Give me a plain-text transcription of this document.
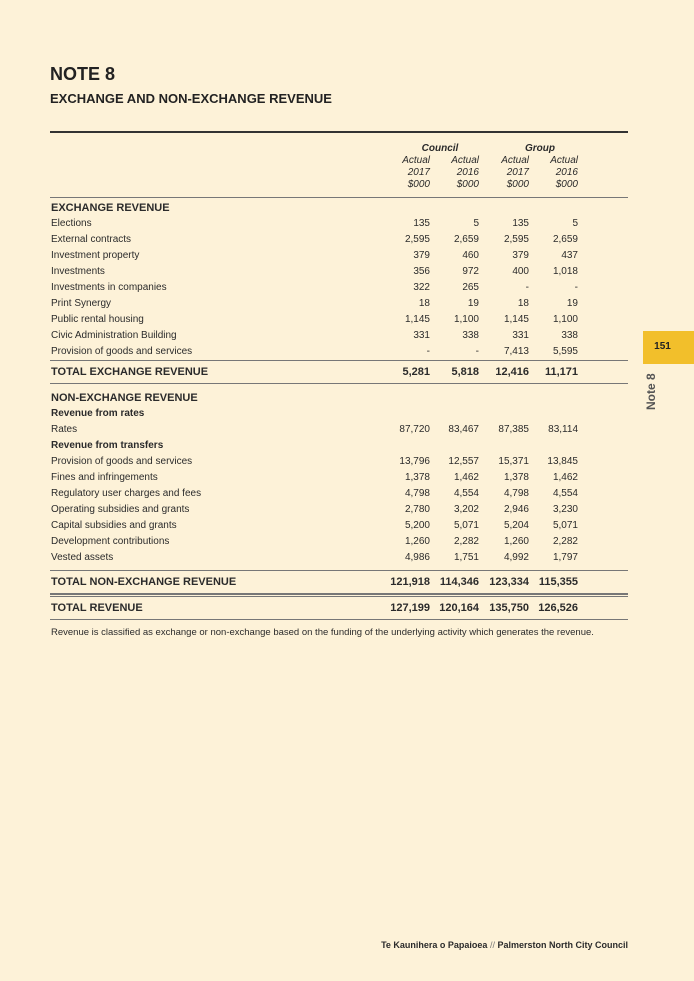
NOTE 8
EXCHANGE AND NON-EXCHANGE REVENUE
Council	Group
Actual
2017
$000
Actual
2016
$000
Actual
2017
$000
Actual
2016
$000
EXCHANGE REVENUE
Elections	135	5	135	5
External contracts	2,595	2,659	2,595	2,659
Investment property	379	460	379	437
Investments	356	972	400	1,018
Investments in companies	322	265	-	-
Print Synergy	18	19	18	19
Public rental housing	1,145	1,100	1,145	1,100
Civic Administration Building	331	338	331	338
Provision of goods and services	-	-	7,413	5,595
TOTAL EXCHANGE REVENUE	5,281	5,818	12,416	11,171
NON-EXCHANGE REVENUE
Revenue from rates
Rates	87,720	83,467	87,385	83,114
Revenue from transfers
Provision of goods and services	13,796	12,557	15,371	13,845
Fines and infringements	1,378	1,462	1,378	1,462
Regulatory user charges and fees	4,798	4,554	4,798	4,554
Operating subsidies and grants	2,780	3,202	2,946	3,230
Capital subsidies and grants	5,200	5,071	5,204	5,071
Development contributions	1,260	2,282	1,260	2,282
Vested assets	4,986	1,751	4,992	1,797
TOTAL NON-EXCHANGE REVENUE	121,918 114,346 123,334 115,355
TOTAL REVENUE	127,199 120,164 135,750 126,526

Revenue is classified as exchange or non-exchange based on the funding of the underlying activity which generates the revenue.

151
Note 8
Te Kaunihera o Papaioea // Palmerston North City Council
